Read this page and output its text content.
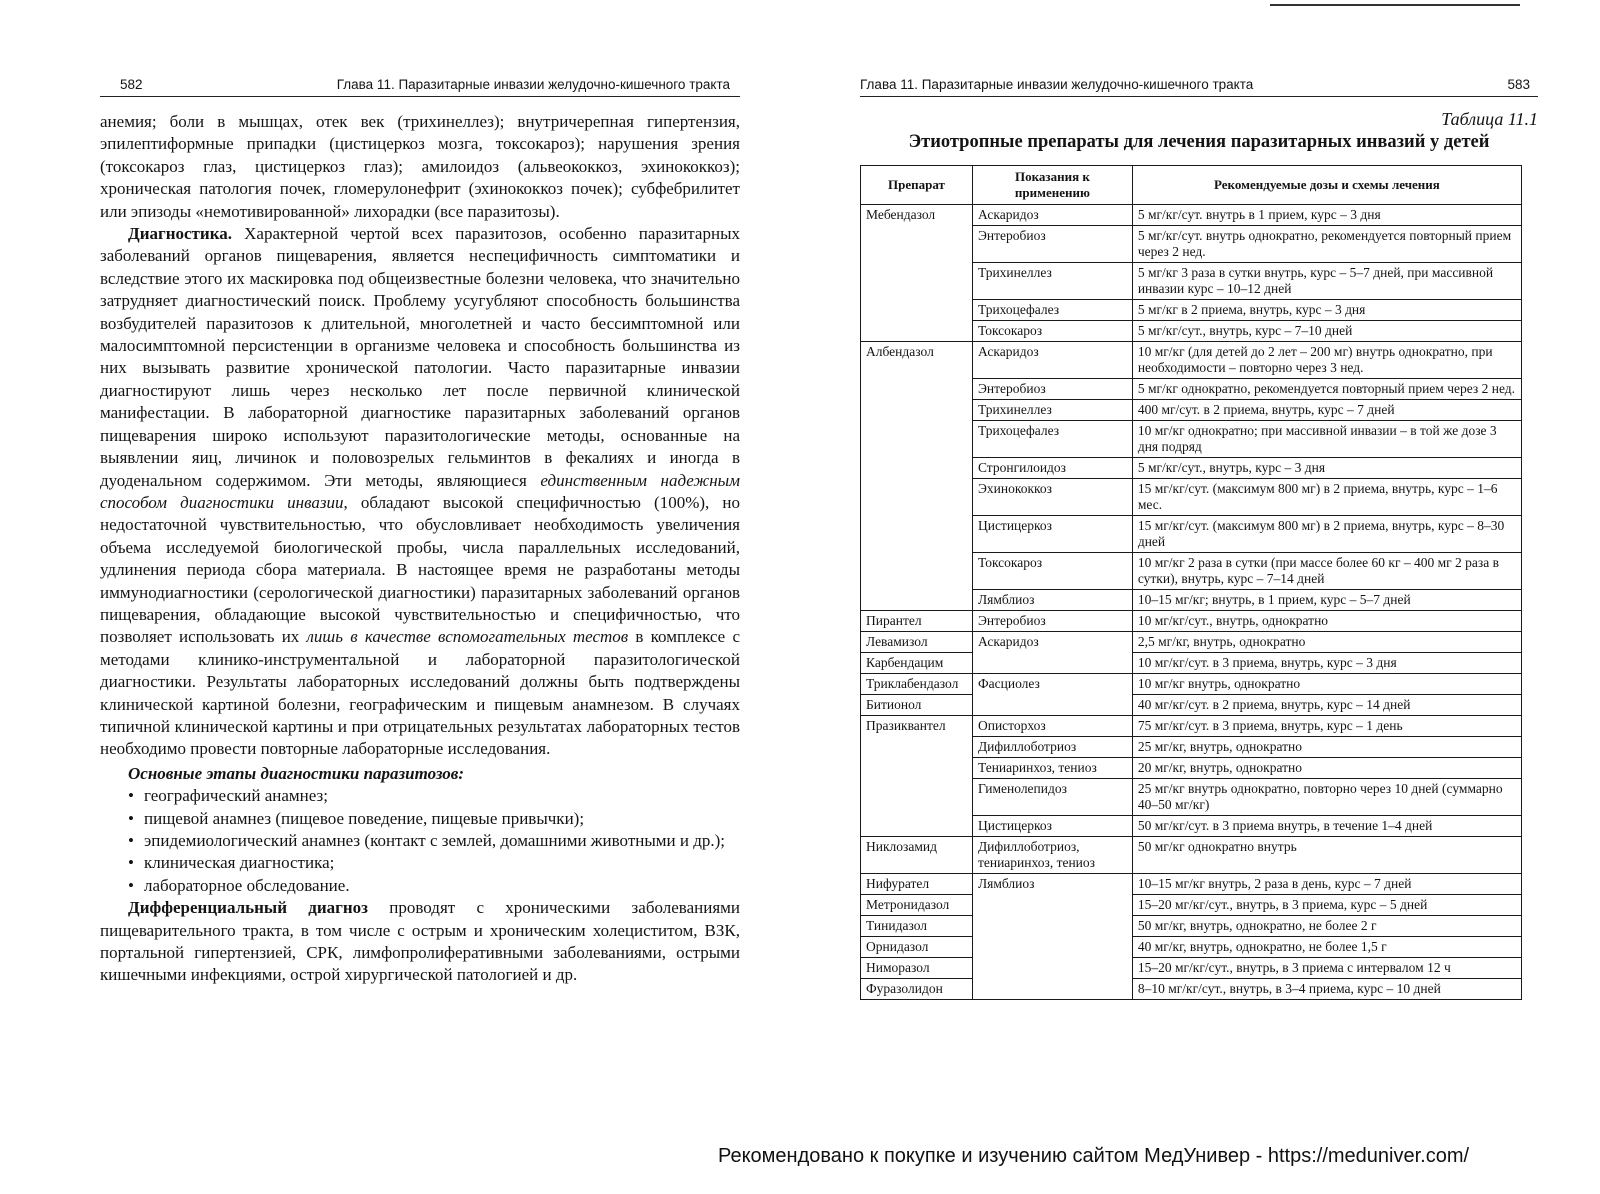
582	Глава 11. Паразитарные инвазии желудочно-кишечного тракта

анемия; боли в мышцах, отек век (трихинеллез); внутричерепная гипертензия, эпилептиформные припадки (цистицеркоз мозга, токсокароз); нарушения зрения (токсокароз глаз, цистицеркоз глаз); амилоидоз (альвеококкоз, эхинококкоз); хроническая патология почек, гломерулонефрит (эхинококкоз почек); субфебрилитет или эпизоды «немотивированной» лихорадки (все паразитозы).

Диагностика. Характерной чертой всех паразитозов, особенно паразитарных заболеваний органов пищеварения, является неспецифичность симптоматики и вследствие этого их маскировка под общеизвестные болезни человека, что значительно затрудняет диагностический поиск. Проблему усугубляют способность большинства возбудителей паразитозов к длительной, многолетней и часто бессимптомной или малосимптомной персистенции в организме человека и способность большинства из них вызывать развитие хронической патологии. Часто паразитарные инвазии диагностируют лишь через несколько лет после первичной клинической манифестации. В лабораторной диагностике паразитарных заболеваний органов пищеварения широко используют паразитологические методы, основанные на выявлении яиц, личинок и половозрелых гельминтов в фекалиях и иногда в дуоденальном содержимом. Эти методы, являющиеся единственным надежным способом диагностики инвазии, обладают высокой специфичностью (100%), но недостаточной чувствительностью, что обусловливает необходимость увеличения объема исследуемой биологической пробы, числа параллельных исследований, удлинения периода сбора материала. В настоящее время не разработаны методы иммунодиагностики (серологической диагностики) паразитарных заболеваний органов пищеварения, обладающие высокой чувствительностью и специфичностью, что позволяет использовать их лишь в качестве вспомогательных тестов в комплексе с методами клинико-инструментальной и лабораторной паразитологической диагностики. Результаты лабораторных исследований должны быть подтверждены клинической картиной болезни, географическим и пищевым анамнезом. В случаях типичной клинической картины и при отрицательных результатах лабораторных тестов необходимо провести повторные лабораторные исследования.

Основные этапы диагностики паразитозов:

• географический анамнез;

• пищевой анамнез (пищевое поведение, пищевые привычки);

• эпидемиологический анамнез (контакт с землей, домашними животными и др.);

• клиническая диагностика;

• лабораторное обследование.

Дифференциальный диагноз проводят с хроническими заболеваниями пищеварительного тракта, в том числе с острым и хроническим холециститом, ВЗК, портальной гипертензией, СРК, лимфопролиферативными заболеваниями, острыми кишечными инфекциями, острой хирургической патологией и др.

Глава 11. Паразитарные инвазии желудочно-кишечного тракта	583
Таблица 11.1
Этиотропные препараты для лечения паразитарных инвазий у детей
Препарат	Показания к применению	Рекомендуемые дозы и схемы лечения
Мебендазол	Аскаридоз	5 мг/кг/сут. внутрь в 1 прием, курс – 3 дня
	Энтеробиоз	5 мг/кг/сут. внутрь однократно, рекомендуется повторный прием через 2 нед.
	Трихинеллез	5 мг/кг 3 раза в сутки внутрь, курс – 5–7 дней, при массивной инвазии курс – 10–12 дней
	Трихоцефалез	5 мг/кг в 2 приема, внутрь, курс – 3 дня
	Токсокароз	5 мг/кг/сут., внутрь, курс – 7–10 дней
Албендазол	Аскаридоз	10 мг/кг (для детей до 2 лет – 200 мг) внутрь однократно, при необходимости – повторно через 3 нед.
	Энтеробиоз	5 мг/кг однократно, рекомендуется повторный прием через 2 нед.
	Трихинеллез	400 мг/сут. в 2 приема, внутрь, курс – 7 дней
	Трихоцефалез	10 мг/кг однократно; при массивной инвазии – в той же дозе 3 дня подряд
	Стронгилоидоз	5 мг/кг/сут., внутрь, курс – 3 дня
	Эхинококкоз	15 мг/кг/сут. (максимум 800 мг) в 2 приема, внутрь, курс – 1–6 мес.
	Цистицеркоз	15 мг/кг/сут. (максимум 800 мг) в 2 приема, внутрь, курс – 8–30 дней
	Токсокароз	10 мг/кг 2 раза в сутки (при массе более 60 кг – 400 мг 2 раза в сутки), внутрь, курс – 7–14 дней
	Лямблиоз	10–15 мг/кг; внутрь, в 1 прием, курс – 5–7 дней
Пирантел	Энтеробиоз	10 мг/кг/сут., внутрь, однократно
Левамизол	Аскаридоз	2,5 мг/кг, внутрь, однократно
Карбендацим		10 мг/кг/сут. в 3 приема, внутрь, курс – 3 дня
Триклабендазол	Фасциолез	10 мг/кг внутрь, однократно
Битионол		40 мг/кг/сут. в 2 приема, внутрь, курс – 14 дней
Празиквантел	Описторхоз	75 мг/кг/сут. в 3 приема, внутрь, курс – 1 день
	Дифиллоботриоз	25 мг/кг, внутрь, однократно
	Тениаринхоз, тениоз	20 мг/кг, внутрь, однократно
	Гименолепидоз	25 мг/кг внутрь однократно, повторно через 10 дней (суммарно 40–50 мг/кг)
	Цистицеркоз	50 мг/кг/сут. в 3 приема внутрь, в течение 1–4 дней
Никлозамид	Дифиллоботриоз, тениаринхоз, тениоз	50 мг/кг однократно внутрь
Нифурател	Лямблиоз	10–15 мг/кг внутрь, 2 раза в день, курс – 7 дней
Метронидазол		15–20 мг/кг/сут., внутрь, в 3 приема, курс – 5 дней
Тинидазол		50 мг/кг, внутрь, однократно, не более 2 г
Орнидазол		40 мг/кг, внутрь, однократно, не более 1,5 г
Ниморазол		15–20 мг/кг/сут., внутрь, в 3 приема с интервалом 12 ч
Фуразолидон		8–10 мг/кг/сут., внутрь, в 3–4 приема, курс – 10 дней
Рекомендовано к покупке и изучению сайтом МедУнивер - https://meduniver.com/
